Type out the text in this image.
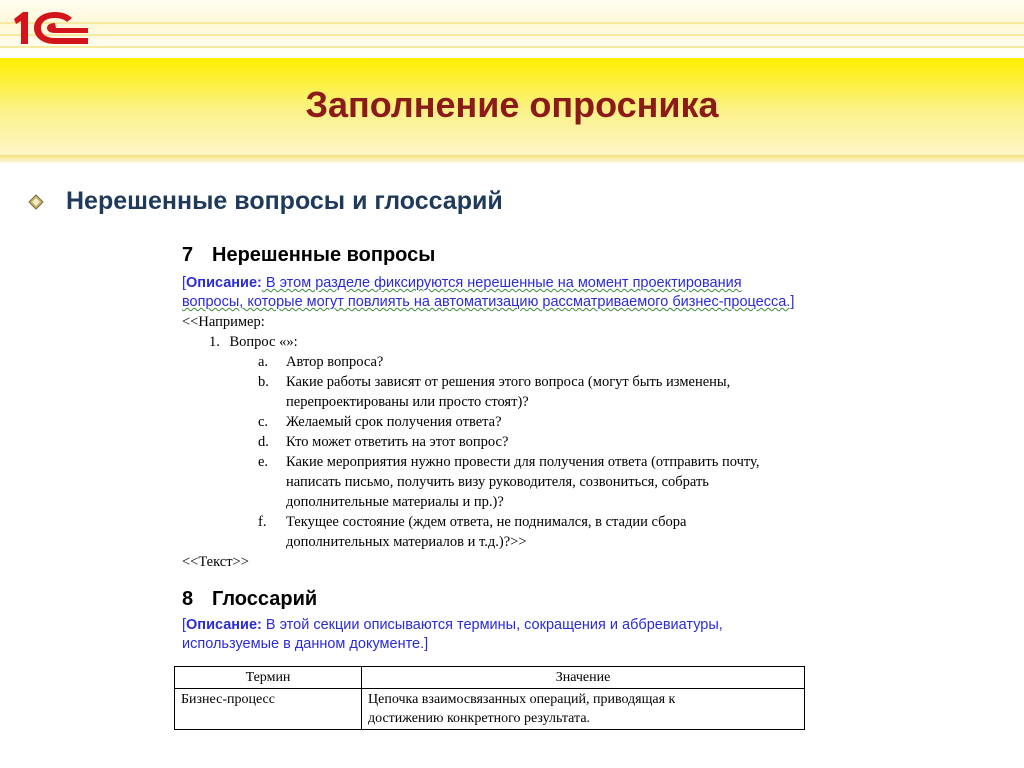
Заполнение опросника
Нерешенные вопросы и глоссарий
7 Нерешенные вопросы
[Описание: В этом разделе фиксируются нерешенные на момент проектирования
вопросы, которые могут повлиять на автоматизацию рассматриваемого бизнес-процесса.]
<<Например:
1. Вопрос «»:
a. Автор вопроса?
b. Какие работы зависят от решения этого вопроса (могут быть изменены,
перепроектированы или просто стоят)?
c. Желаемый срок получения ответа?
d. Кто может ответить на этот вопрос?
e. Какие мероприятия нужно провести для получения ответа (отправить почту,
написать письмо, получить визу руководителя, созвониться, собрать
дополнительные материалы и пр.)?
f. Текущее состояние (ждем ответа, не поднимался, в стадии сбора
дополнительных материалов и т.д.)?>>
<<Текст>>
8 Глоссарий
[Описание: В этой секции описываются термины, сокращения и аббревиатуры,
используемые в данном документе.]
Термин	Значение
Бизнес-процесс	Цепочка взаимосвязанных операций, приводящая к
достижению конкретного результата.
